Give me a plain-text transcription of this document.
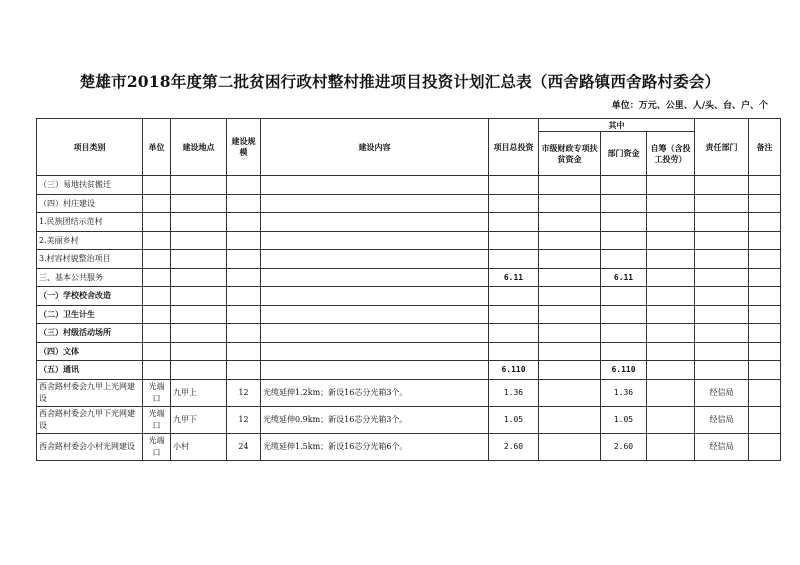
楚雄市2018年度第二批贫困行政村整村推进项目投资计划汇总表（西舍路镇西舍路村委会）
单位：万元、公里、人/头、台、户、个
项目类别	单位	建设地点	建设规模	建设内容	项目总投资	其中			责任部门	备注
						市级财政专项扶贫资金	部门资金	自筹（含投工投劳）		
（三）易地扶贫搬迁										
（四）村庄建设										
1.民族团结示范村										
2.美丽乡村										
3.村容村貌整治项目										
三、基本公共服务					6.11		6.11			
（一）学校校舍改造										
（二）卫生计生										
（三）村级活动场所										
（四）文体										
（五）通讯					6.110		6.110			
西舍路村委会九甲上光网建设	光端口	九甲上	12	光缆延伸1.2km；新设16芯分光箱3个。	1.36		1.36		经信局	
西舍路村委会九甲下光网建设	光端口	九甲下	12	光缆延伸0.9km；新设16芯分光箱3个。	1.05		1.05		经信局	
西舍路村委会小村光网建设	光端口	小村	24	光缆延伸1.5km；新设16芯分光箱6个。	2.60		2.60		经信局	
